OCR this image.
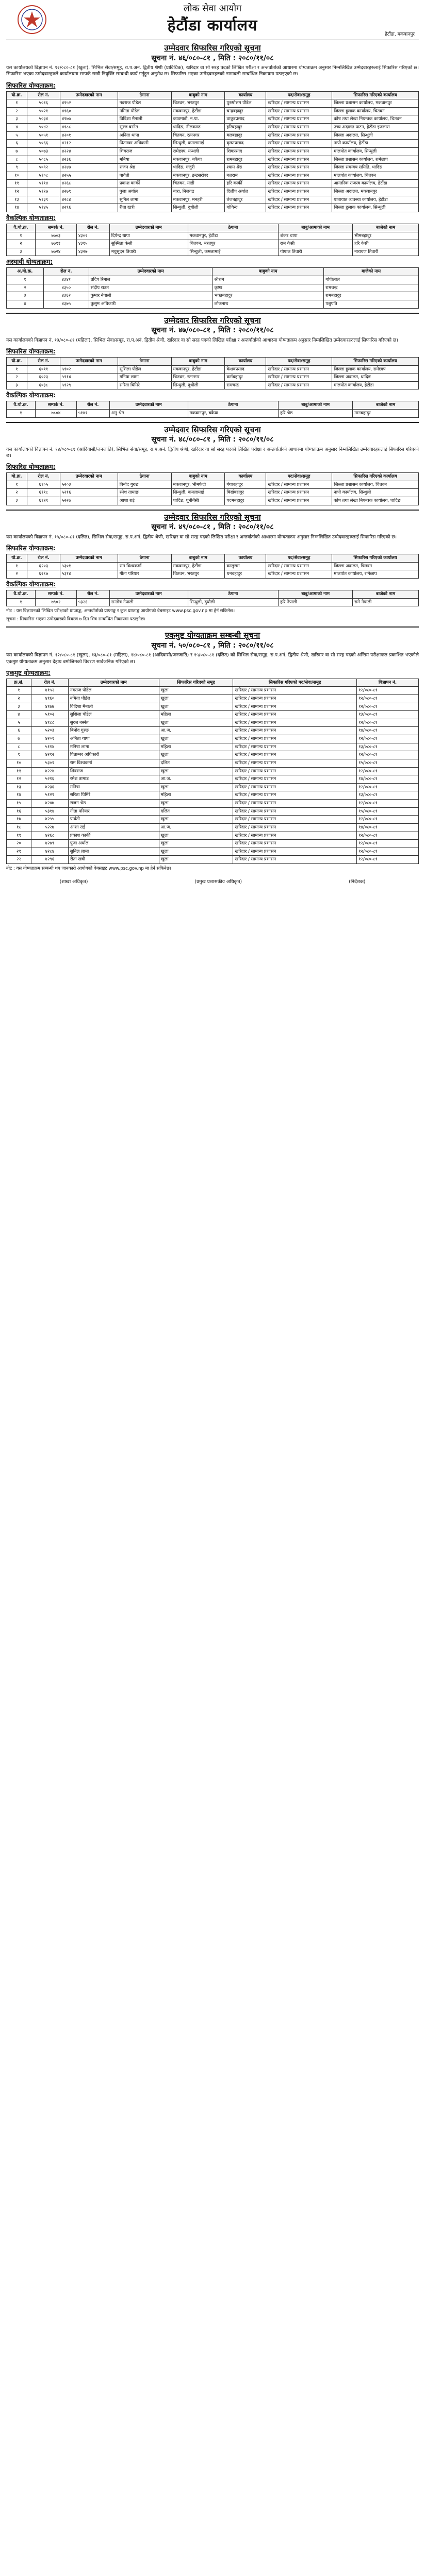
लोक सेवा आयोग
हेटौंडा कार्यालय
हेटौंडा, मकवानपुर
उम्मेदवार सिफारिस गरिएको सूचना
सूचना नं. ४६/०८०-८१ , मिति : २०८०/११/०८
यस कार्यालयको विज्ञापन नं. १२/०८०-८१ (खुला), सिभिल सेवा/समूह, रा.प.अनं. द्वितीय श्रेणी (प्राविधिक), खरिदार वा सो सरह पदको लिखित परीक्षा र अन्तर्वार्ताको आधारमा योग्यताक्रम अनुसार निम्नलिखित उम्मेदवारहरुलाई सिफारिस गरिएको छ। सिफारिस भएका उम्मेदवारहरुले कार्यालयमा सम्पर्क राखी नियुक्ति सम्बन्धी कार्य गर्नुहुन अनुरोध छ। सिफारिस भएका उम्मेदवारहरुको नामावली सम्बन्धित निकायमा पठाइएको छ।
सिफारिस योग्यताक्रम:
यो.क्र.	रोल नं.	उम्मेदवारको नाम	ठेगाना	बाबुको नाम	कार्यालय	पद/सेवा/समूह	सिफारिस गरिएको कार्यालय
१	५०१६	४१५२	नवराज पौडेल	चितवन, भरतपुर	पुरुषोत्तम पौडेल	खरिदार / सामान्य प्रशासन	जिल्ला प्रशासन कार्यालय, मकवानपुर
२	५०२१	४१६०	नमिता पौडेल	मकवानपुर, हेटौंडा	चन्द्रबहादुर	खरिदार / सामान्य प्रशासन	जिल्ला हुलाक कार्यालय, चितवन
३	५०३४	४१७७	विदिशा मैनाली	काठमाडौं, न.पा.	ठाकुरप्रसाद	खरिदार / सामान्य प्रशासन	कोष तथा लेखा नियन्त्रक कार्यालय, चितवन
४	५०४२	४१८८	सुरज बस्नेत	धादिङ, नीलकण्ठ	हरिबहादुर	खरिदार / सामान्य प्रशासन	उच्च अदालत पाटन, हेटौंडा इजलास
५	५०५१	४२०१	अनिता थापा	चितवन, रत्ननगर	बलबहादुर	खरिदार / सामान्य प्रशासन	जिल्ला अदालत, सिन्धुली
६	५०६६	४२१२	पिताम्बर अधिकारी	सिन्धुली, कमलामाई	कृष्णप्रसाद	खरिदार / सामान्य प्रशासन	नापी कार्यालय, हेटौंडा
७	५०७३	४२२४	शिवराज	रामेछाप, मन्थली	शिवप्रसाद	खरिदार / सामान्य प्रशासन	मालपोत कार्यालय, सिन्धुली
८	५०८५	४२३६	मनिषा	मकवानपुर, बकैया	रामबहादुर	खरिदार / सामान्य प्रशासन	जिल्ला प्रशासन कार्यालय, रामेछाप
९	५०९२	४२४७	राजन श्रेष्ठ	धादिङ, गजुरी	श्याम श्रेष्ठ	खरिदार / सामान्य प्रशासन	जिल्ला समन्वय समिति, धादिङ
१०	५१०८	४२५५	पार्वती	मकवानपुर, इन्द्रसरोवर	बलराम	खरिदार / सामान्य प्रशासन	मालपोत कार्यालय, चितवन
११	५११४	४२६८	प्रकाश कार्की	चितवन, माडी	हरि कार्की	खरिदार / सामान्य प्रशासन	आन्तरिक राजस्व कार्यालय, हेटौंडा
१२	५१२७	४२७९	पुजा अर्याल	बारा, निजगढ	दिलीप अर्याल	खरिदार / सामान्य प्रशासन	जिल्ला अदालत, मकवानपुर
१३	५१३९	४२८४	सुनिल लामा	मकवानपुर, मनहरी	तेजबहादुर	खरिदार / सामान्य प्रशासन	यातायात व्यवस्था कार्यालय, हेटौंडा
१४	५१४५	४२९६	रीता खत्री	सिन्धुली, दुधौली	गोविन्द	खरिदार / सामान्य प्रशासन	जिल्ला हुलाक कार्यालय, सिन्धुली
वैकल्पिक योग्यताक्रम:
वै.यो.क्र.	सम्पर्क नं.	रोल नं.	उम्मेदवारको नाम	ठेगाना	बाबु/आमाको नाम	बाजेको नाम
१	७७०३	४३०२	दिपेन्द्र थापा	मकवानपुर, हेटौंडा	शंकर थापा	भीमबहादुर
२	७७११	४३१५	सुस्मिता केसी	चितवन, भरतपुर	राम केसी	हरि केसी
३	७७२४	४३२७	मधुसूदन तिवारी	सिन्धुली, कमलामाई	गोपाल तिवारी	नारायण तिवारी
अस्थायी योग्यताक्रम:
अ.यो.क्र.	रोल नं.	उम्मेदवारको नाम	बाबुको नाम	बाजेको नाम
१	४३४१	प्रदिप रिमाल	श्रीराम	गोपीलाल
२	४३५०	संदीप राउत	कृष्ण	रामचन्द्र
३	४३६२	कुमार नेपाली	भक्तबहादुर	रामबहादुर
४	४३७५	कुसुम अधिकारी	लोकनाथ	पशुपति
उम्मेदवार सिफारिस गरिएको सूचना
सूचना नं. ४७/०८०-८१ , मिति : २०८०/११/०८
यस कार्यालयको विज्ञापन नं. १३/०८०-८१ (महिला), सिभिल सेवा/समूह, रा.प.अनं. द्वितीय श्रेणी, खरिदार वा सो सरह पदको लिखित परीक्षा र अन्तर्वार्ताको आधारमा योग्यताक्रम अनुसार निम्नलिखित उम्मेदवारहरुलाई सिफारिस गरिएको छ।
सिफारिस योग्यताक्रम:
यो.क्र.	रोल नं.	उम्मेदवारको नाम	ठेगाना	बाबुको नाम	कार्यालय	पद/सेवा/समूह	सिफारिस गरिएको कार्यालय
१	६०११	५१०२	सुशिला पौडेल	मकवानपुर, हेटौंडा	केशवप्रसाद	खरिदार / सामान्य प्रशासन	जिल्ला हुलाक कार्यालय, रामेछाप
२	६०२३	५११४	मनिषा लामा	चितवन, रत्ननगर	कर्मबहादुर	खरिदार / सामान्य प्रशासन	जिल्ला अदालत, धादिङ
३	६०३८	५१२९	सरिता घिमिरे	सिन्धुली, दुधौली	रामचन्द्र	खरिदार / सामान्य प्रशासन	मालपोत कार्यालय, हेटौंडा
वैकल्पिक योग्यताक्रम:
वै.यो.क्र.	सम्पर्क नं.	रोल नं.	उम्मेदवारको नाम	ठेगाना	बाबु/आमाको नाम	बाजेको नाम
१	७८०४	५१४१	अनु श्रेष्ठ	मकवानपुर, बकैया	हरि श्रेष्ठ	मानबहादुर
उम्मेदवार सिफारिस गरिएको सूचना
सूचना नं. ४८/०८०-८१ , मिति : २०८०/११/०८
यस कार्यालयको विज्ञापन नं. १४/०८०-८१ (आदिवासी/जनजाति), सिभिल सेवा/समूह, रा.प.अनं. द्वितीय श्रेणी, खरिदार वा सो सरह पदको लिखित परीक्षा र अन्तर्वार्ताको आधारमा योग्यताक्रम अनुसार निम्नलिखित उम्मेदवारहरुलाई सिफारिस गरिएको छ।
सिफारिस योग्यताक्रम:
यो.क्र.	रोल नं.	उम्मेदवारको नाम	ठेगाना	बाबुको नाम	कार्यालय	पद/सेवा/समूह	सिफारिस गरिएको कार्यालय
१	६१०५	५२०३	बिनोद गुरुङ	मकवानपुर, भीमफेदी	गंगाबहादुर	खरिदार / सामान्य प्रशासन	जिल्ला प्रशासन कार्यालय, चितवन
२	६११८	५२१६	रमेश तामाङ	सिन्धुली, कमलामाई	बिर्खबहादुर	खरिदार / सामान्य प्रशासन	नापी कार्यालय, सिन्धुली
३	६१२९	५२२७	आशा राई	धादिङ, धुनीबेंसी	पदमबहादुर	खरिदार / सामान्य प्रशासन	कोष तथा लेखा नियन्त्रक कार्यालय, धादिङ
उम्मेदवार सिफारिस गरिएको सूचना
सूचना नं. ४९/०८०-८१ , मिति : २०८०/११/०८
यस कार्यालयको विज्ञापन नं. १५/०८०-८१ (दलित), सिभिल सेवा/समूह, रा.प.अनं. द्वितीय श्रेणी, खरिदार वा सो सरह पदको लिखित परीक्षा र अन्तर्वार्ताको आधारमा योग्यताक्रम अनुसार निम्नलिखित उम्मेदवारहरुलाई सिफारिस गरिएको छ।
सिफारिस योग्यताक्रम:
यो.क्र.	रोल नं.	उम्मेदवारको नाम	ठेगाना	बाबुको नाम	कार्यालय	पद/सेवा/समूह	सिफारिस गरिएको कार्यालय
१	६२०३	५३०१	राम विश्वकर्मा	मकवानपुर, हेटौंडा	कालुराम	खरिदार / सामान्य प्रशासन	जिल्ला अदालत, चितवन
२	६२१७	५३१४	गीता परियार	चितवन, भरतपुर	धनबहादुर	खरिदार / सामान्य प्रशासन	मालपोत कार्यालय, रामेछाप
वैकल्पिक योग्यताक्रम:
वै.यो.क्र.	सम्पर्क नं.	रोल नं.	उम्मेदवारको नाम	ठेगाना	बाबु/आमाको नाम	बाजेको नाम
१	७९०२	५३२६	सन्तोष नेपाली	सिन्धुली, दुधौली	हरि नेपाली	रामे नेपाली
नोट : यस विज्ञापनको लिखित परीक्षाको प्राप्ताङ्क, अन्तर्वार्ताको प्राप्ताङ्क र कुल प्राप्ताङ्क आयोगको वेबसाइट www.psc.gov.np मा हेर्न सकिनेछ।
सूचना : सिफारिस भएका उम्मेदवारको विवरण ७ दिन भित्र सम्बन्धित निकायमा पठाइनेछ।
एकमुष्ट योग्यताक्रम सम्बन्धी सूचना
सूचना नं. ५०/०८०-८१ , मिति : २०८०/११/०८
यस कार्यालयको विज्ञापन नं. १२/०८०-८१ (खुला), १३/०८०-८१ (महिला), १४/०८०-८१ (आदिवासी/जनजाति) र १५/०८०-८१ (दलित) को सिभिल सेवा/समूह, रा.प.अनं. द्वितीय श्रेणी, खरिदार वा सो सरह पदको अन्तिम परीक्षाफल प्रकाशित भएकोले एकमुष्ट योग्यताक्रम अनुसार देहाय बमोजिमको विवरण सार्वजनिक गरिएको छ।
एकमुष्ट योग्यताक्रम:
क्र.सं.	रोल नं.	उम्मेदवारको नाम	सिफारिस गरिएको समूह	सिफारिस गरिएको पद/सेवा/समूह	विज्ञापन नं.
१	४१५२	नवराज पौडेल	खुला	खरिदार / सामान्य प्रशासन	१२/०८०-८१
२	४१६०	नमिता पौडेल	खुला	खरिदार / सामान्य प्रशासन	१२/०८०-८१
३	४१७७	विदिशा मैनाली	खुला	खरिदार / सामान्य प्रशासन	१२/०८०-८१
४	५१०२	सुशिला पौडेल	महिला	खरिदार / सामान्य प्रशासन	१३/०८०-८१
५	४१८८	सुरज बस्नेत	खुला	खरिदार / सामान्य प्रशासन	१२/०८०-८१
६	५२०३	बिनोद गुरुङ	आ.ज.	खरिदार / सामान्य प्रशासन	१४/०८०-८१
७	४२०१	अनिता थापा	खुला	खरिदार / सामान्य प्रशासन	१२/०८०-८१
८	५११४	मनिषा लामा	महिला	खरिदार / सामान्य प्रशासन	१३/०८०-८१
९	४२१२	पिताम्बर अधिकारी	खुला	खरिदार / सामान्य प्रशासन	१२/०८०-८१
१०	५३०१	राम विश्वकर्मा	दलित	खरिदार / सामान्य प्रशासन	१५/०८०-८१
११	४२२४	शिवराज	खुला	खरिदार / सामान्य प्रशासन	१२/०८०-८१
१२	५२१६	रमेश तामाङ	आ.ज.	खरिदार / सामान्य प्रशासन	१४/०८०-८१
१३	४२३६	मनिषा	खुला	खरिदार / सामान्य प्रशासन	१२/०८०-८१
१४	५१२९	सरिता घिमिरे	महिला	खरिदार / सामान्य प्रशासन	१३/०८०-८१
१५	४२४७	राजन श्रेष्ठ	खुला	खरिदार / सामान्य प्रशासन	१२/०८०-८१
१६	५३१४	गीता परियार	दलित	खरिदार / सामान्य प्रशासन	१५/०८०-८१
१७	४२५५	पार्वती	खुला	खरिदार / सामान्य प्रशासन	१२/०८०-८१
१८	५२२७	आशा राई	आ.ज.	खरिदार / सामान्य प्रशासन	१४/०८०-८१
१९	४२६८	प्रकाश कार्की	खुला	खरिदार / सामान्य प्रशासन	१२/०८०-८१
२०	४२७९	पुजा अर्याल	खुला	खरिदार / सामान्य प्रशासन	१२/०८०-८१
२१	४२८४	सुनिल लामा	खुला	खरिदार / सामान्य प्रशासन	१२/०८०-८१
२२	४२९६	रीता खत्री	खुला	खरिदार / सामान्य प्रशासन	१२/०८०-८१
नोट : यस योग्यताक्रम सम्बन्धी थप जानकारी आयोगको वेबसाइट www.psc.gov.np मा हेर्न सकिनेछ।
(शाखा अधिकृत)	(प्रमुख प्रशासकीय अधिकृत)	(निर्देशक)
